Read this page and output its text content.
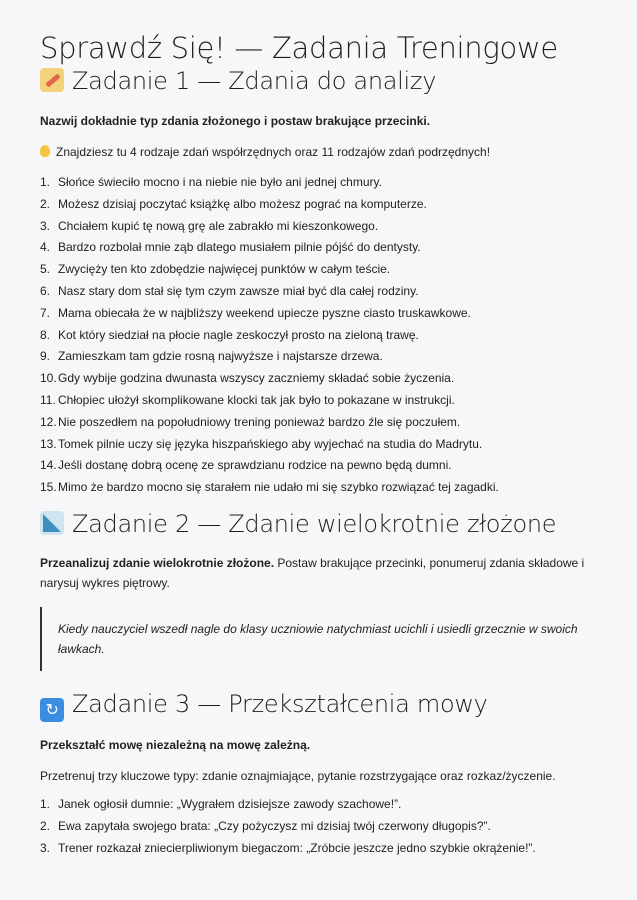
Sprawdź Się! — Zadania Treningowe
Zadanie 1 — Zdania do analizy

Nazwij dokładnie typ zdania złożonego i postaw brakujące przecinki.

Znajdziesz tu 4 rodzaje zdań współrzędnych oraz 11 rodzajów zdań podrzędnych!

1. Słońce świeciło mocno i na niebie nie było ani jednej chmury.
2. Możesz dzisiaj poczytać książkę albo możesz pograć na komputerze.
3. Chciałem kupić tę nową grę ale zabrakło mi kieszonkowego.
4. Bardzo rozbolał mnie ząb dlatego musiałem pilnie pójść do dentysty.
5. Zwycięży ten kto zdobędzie najwięcej punktów w całym teście.
6. Nasz stary dom stał się tym czym zawsze miał być dla całej rodziny.
7. Mama obiecała że w najbliższy weekend upiecze pyszne ciasto truskawkowe.
8. Kot który siedział na płocie nagle zeskoczył prosto na zieloną trawę.
9. Zamieszkam tam gdzie rosną najwyższe i najstarsze drzewa.
10. Gdy wybije godzina dwunasta wszyscy zaczniemy składać sobie życzenia.
11. Chłopiec ułożył skomplikowane klocki tak jak było to pokazane w instrukcji.
12. Nie poszedłem na popołudniowy trening ponieważ bardzo źle się poczułem.
13. Tomek pilnie uczy się języka hiszpańskiego aby wyjechać na studia do Madrytu.
14. Jeśli dostanę dobrą ocenę ze sprawdzianu rodzice na pewno będą dumni.
15. Mimo że bardzo mocno się starałem nie udało mi się szybko rozwiązać tej zagadki.
Zadanie 2 — Zdanie wielokrotnie złożone

Przeanalizuj zdanie wielokrotnie złożone. Postaw brakujące przecinki, ponumeruj zdania składowe i narysuj wykres piętrowy.

Kiedy nauczyciel wszedł nagle do klasy uczniowie natychmiast ucichli i usiedli grzecznie w swoich ławkach.
↻ Zadanie 3 — Przekształcenia mowy

Przekształć mowę niezależną na mowę zależną.

Przetrenuj trzy kluczowe typy: zdanie oznajmiające, pytanie rozstrzygające oraz rozkaz/życzenie.

1. Janek ogłosił dumnie: „Wygrałem dzisiejsze zawody szachowe!”.
2. Ewa zapytała swojego brata: „Czy pożyczysz mi dzisiaj twój czerwony długopis?”.
3. Trener rozkazał zniecierpliwionym biegaczom: „Zróbcie jeszcze jedno szybkie okrążenie!”.
